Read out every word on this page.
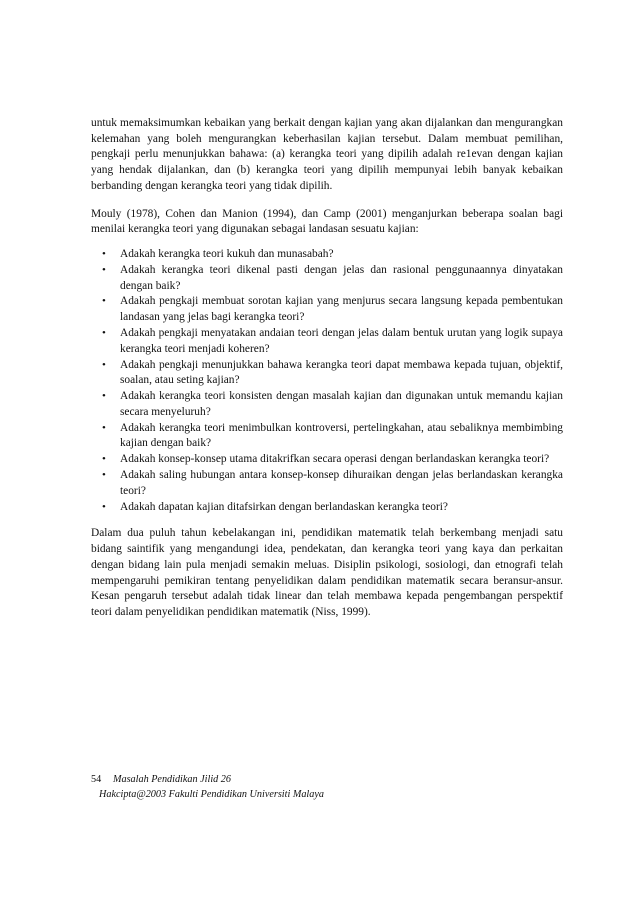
untuk memaksimumkan kebaikan yang berkait dengan kajian yang akan dijalankan dan mengurangkan kelemahan yang boleh mengurangkan keberhasilan kajian tersebut. Dalam membuat pemilihan, pengkaji perlu menunjukkan bahawa: (a) kerangka teori yang dipilih adalah re1evan dengan kajian yang hendak dijalankan, dan (b) kerangka teori yang dipilih mempunyai lebih banyak kebaikan berbanding dengan kerangka teori yang tidak dipilih.

Mouly (1978), Cohen dan Manion (1994), dan Camp (2001) menganjurkan beberapa soalan bagi menilai kerangka teori yang digunakan sebagai landasan sesuatu kajian:

• Adakah kerangka teori kukuh dan munasabah?
• Adakah kerangka teori dikenal pasti dengan jelas dan rasional penggunaannya dinyatakan dengan baik?
• Adakah pengkaji membuat sorotan kajian yang menjurus secara langsung kepada pembentukan landasan yang jelas bagi kerangka teori?
• Adakah pengkaji menyatakan andaian teori dengan jelas dalam bentuk urutan yang logik supaya kerangka teori menjadi koheren?
• Adakah pengkaji menunjukkan bahawa kerangka teori dapat membawa kepada tujuan, objektif, soalan, atau seting kajian?
• Adakah kerangka teori konsisten dengan masalah kajian dan digunakan untuk memandu kajian secara menyeluruh?
• Adakah kerangka teori menimbulkan kontroversi, pertelingkahan, atau sebaliknya membimbing kajian dengan baik?
• Adakah konsep-konsep utama ditakrifkan secara operasi dengan berlandaskan kerangka teori?
• Adakah saling hubungan antara konsep-konsep dihuraikan dengan jelas berlandaskan kerangka teori?
• Adakah dapatan kajian ditafsirkan dengan berlandaskan kerangka teori?

Dalam dua puluh tahun kebelakangan ini, pendidikan matematik telah berkembang menjadi satu bidang saintifik yang mengandungi idea, pendekatan, dan kerangka teori yang kaya dan perkaitan dengan bidang lain pula menjadi semakin meluas. Disiplin psikologi, sosiologi, dan etnografi telah mempengaruhi pemikiran tentang penyelidikan dalam pendidikan matematik secara beransur-ansur. Kesan pengaruh tersebut adalah tidak linear dan telah membawa kepada pengembangan perspektif teori dalam penyelidikan pendidikan matematik (Niss, 1999).

54 Masalah Pendidikan Jilid 26
Hakcipta@2003 Fakulti Pendidikan Universiti Malaya
